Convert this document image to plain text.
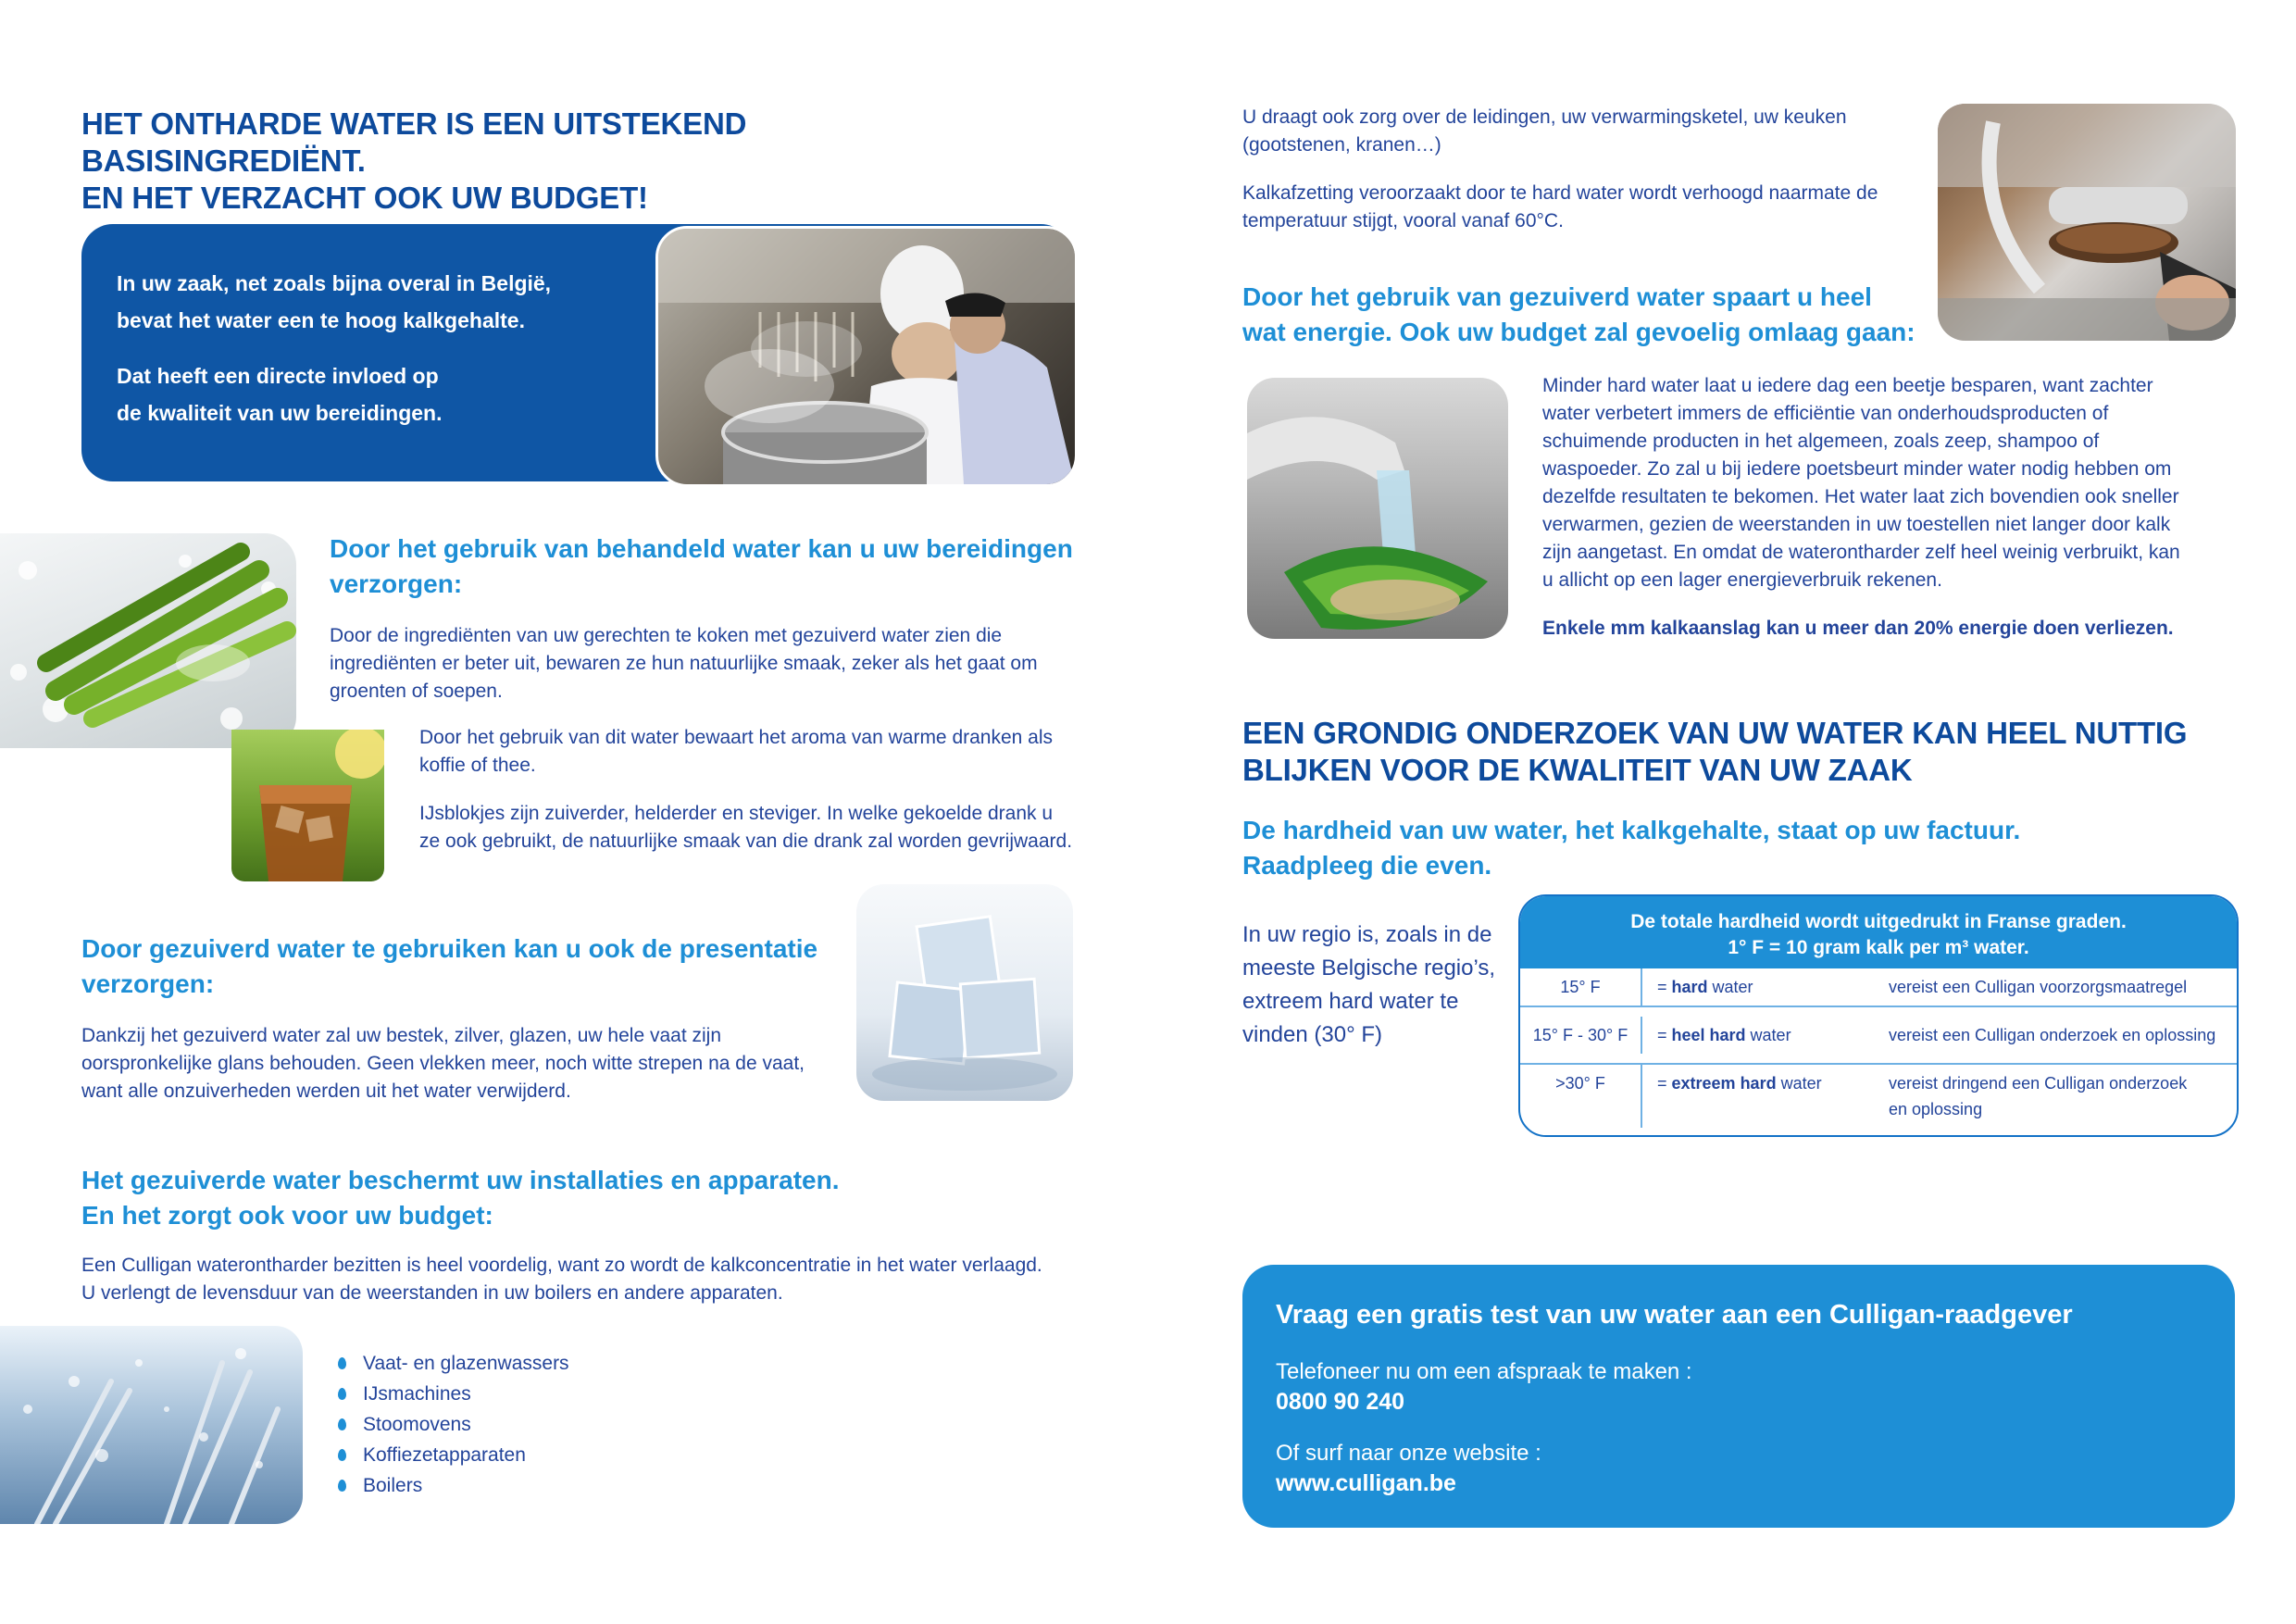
HET ONTHARDE WATER IS EEN UITSTEKEND BASISINGREDIËNT.
EN HET VERZACHT OOK UW BUDGET!

In uw zaak, net zoals bijna overal in België,
bevat het water een te hoog kalkgehalte.

Dat heeft een directe invloed op
de kwaliteit van uw bereidingen.

Door het gebruik van behandeld water kan u uw bereidingen
verzorgen:
Door de ingrediënten van uw gerechten te koken met gezuiverd water zien die ingrediënten er beter uit, bewaren ze hun natuurlijke smaak, zeker als het gaat om groenten of soepen.

Door het gebruik van dit water bewaart het aroma van warme dranken als koffie of thee.

IJsblokjes zijn zuiverder, helderder en steviger. In welke gekoelde drank u ze ook gebruikt, de natuurlijke smaak van die drank zal worden gevrijwaard.

Door gezuiverd water te gebruiken kan u ook de presentatie
verzorgen:
Dankzij het gezuiverd water zal uw bestek, zilver, glazen, uw hele vaat zijn oorspronkelijke glans behouden. Geen vlekken meer, noch witte strepen na de vaat, want alle onzuiverheden werden uit het water verwijderd.
Het gezuiverde water beschermt uw installaties en apparaten.
En het zorgt ook voor uw budget:
Een Culligan waterontharder bezitten is heel voordelig, want zo wordt de kalkconcentratie in het water verlaagd. U verlengt de levensduur van de weerstanden in uw boilers en andere apparaten.
Vaat- en glazenwassers
IJsmachines
Stoomovens
Koffiezetapparaten
Boilers

U draagt ook zorg over de leidingen, uw verwarmingsketel, uw keuken (gootstenen, kranen…)

Kalkafzetting veroorzaakt door te hard water wordt verhoogd naarmate de temperatuur stijgt, vooral vanaf 60°C.

Door het gebruik van gezuiverd water spaart u heel
wat energie. Ook uw budget zal gevoelig omlaag gaan:

Minder hard water laat u iedere dag een beetje besparen, want zachter water verbetert immers de efficiëntie van onderhoudsproducten of schuimende producten in het algemeen, zoals zeep, shampoo of waspoeder. Zo zal u bij iedere poetsbeurt minder water nodig hebben om dezelfde resultaten te bekomen. Het water laat zich bovendien ook sneller verwarmen, gezien de weerstanden in uw toestellen niet langer door kalk zijn aangetast. En omdat de waterontharder zelf heel weinig verbruikt, kan u allicht op een lager energieverbruik rekenen.

Enkele mm kalkaanslag kan u meer dan 20% energie doen verliezen.

EEN GRONDIG ONDERZOEK VAN UW WATER KAN HEEL NUTTIG
BLIJKEN VOOR DE KWALITEIT VAN UW ZAAK
De hardheid van uw water, het kalkgehalte, staat op uw factuur.
Raadpleeg die even.
In uw regio is, zoals in de meeste Belgische regio’s, extreem hard water te vinden (30° F)
De totale hardheid wordt uitgedrukt in Franse graden.
1° F = 10 gram kalk per m³ water.
15° F	= hard water	vereist een Culligan voorzorgsmaatregel
15° F - 30° F	= heel hard water	vereist een Culligan onderzoek en oplossing
>30° F	= extreem hard water	vereist dringend een Culligan onderzoek en oplossing
Vraag een gratis test van uw water aan een Culligan-raadgever
Telefoneer nu om een afspraak te maken :
0800 90 240
Of surf naar onze website :
www.culligan.be
